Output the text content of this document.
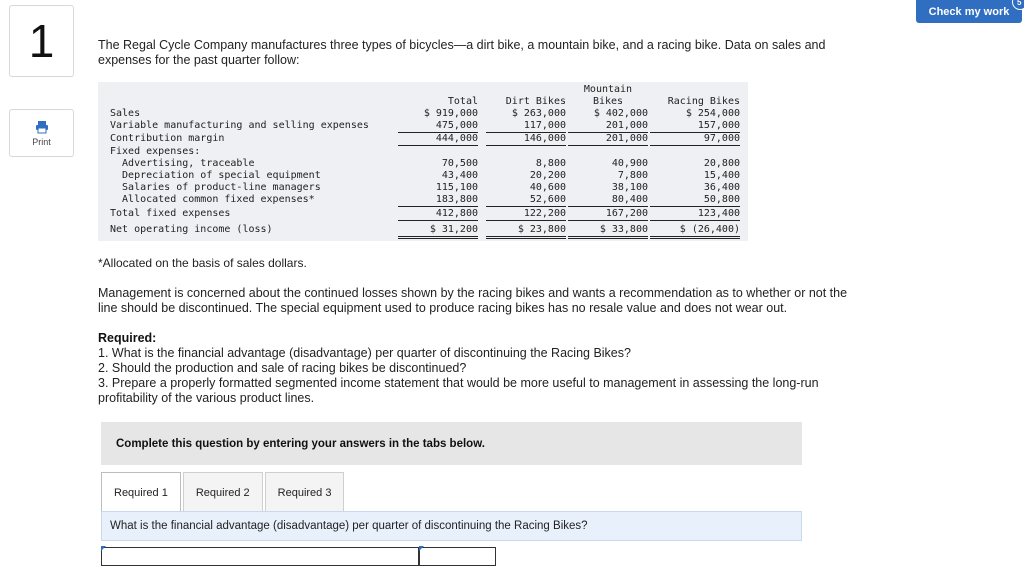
1
Print
Check my work
5
The Regal Cycle Company manufactures three types of bicycles—a dirt bike, a mountain bike, and a racing bike. Data on sales and expenses for the past quarter follow:
Mountain
Total	Dirt Bikes	Bikes	Racing Bikes
Sales	$ 919,000	$ 263,000	$ 402,000	$ 254,000
Variable manufacturing and selling expenses	475,000	117,000	201,000	157,000
Contribution margin	444,000	146,000	201,000	97,000
Fixed expenses:
Advertising, traceable	70,500	8,800	40,900	20,800
Depreciation of special equipment	43,400	20,200	7,800	15,400
Salaries of product-line managers	115,100	40,600	38,100	36,400
Allocated common fixed expenses*	183,800	52,600	80,400	50,800
Total fixed expenses	412,800	122,200	167,200	123,400
Net operating income (loss)	$ 31,200	$ 23,800	$ 33,800	$ (26,400)
*Allocated on the basis of sales dollars.
Management is concerned about the continued losses shown by the racing bikes and wants a recommendation as to whether or not the line should be discontinued. The special equipment used to produce racing bikes has no resale value and does not wear out.
Required:
1. What is the financial advantage (disadvantage) per quarter of discontinuing the Racing Bikes?
2. Should the production and sale of racing bikes be discontinued?
3. Prepare a properly formatted segmented income statement that would be more useful to management in assessing the long-run profitability of the various product lines.
Complete this question by entering your answers in the tabs below.
Required 1	Required 2	Required 3
What is the financial advantage (disadvantage) per quarter of discontinuing the Racing Bikes?
